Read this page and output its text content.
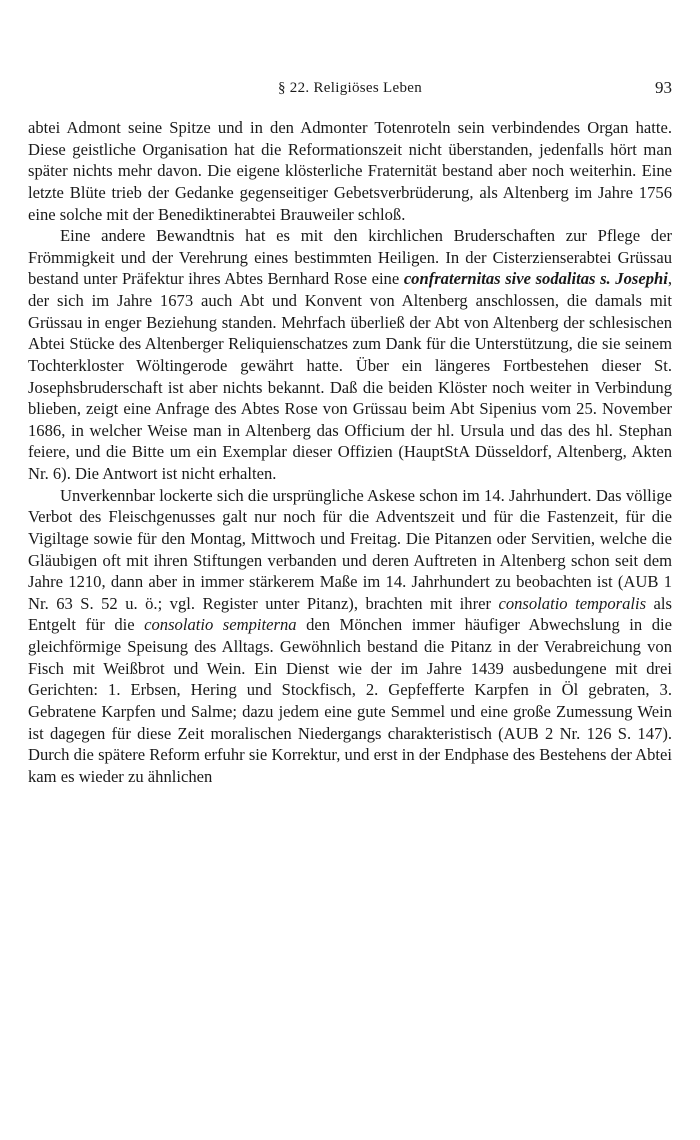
§ 22. Religiöses Leben	93

abtei Admont seine Spitze und in den Admonter Totenroteln sein verbindendes Organ hatte. Diese geistliche Organisation hat die Reformationszeit nicht überstanden, jedenfalls hört man später nichts mehr davon. Die eigene klösterliche Fraternität bestand aber noch weiterhin. Eine letzte Blüte trieb der Gedanke gegenseitiger Gebetsverbrüderung, als Altenberg im Jahre 1756 eine solche mit der Benediktinerabtei Brauweiler schloß.

Eine andere Bewandtnis hat es mit den kirchlichen Bruderschaften zur Pflege der Frömmigkeit und der Verehrung eines bestimmten Heiligen. In der Cisterzienserabtei Grüssau bestand unter Präfektur ihres Abtes Bernhard Rose eine confraternitas sive sodalitas s. Josephi, der sich im Jahre 1673 auch Abt und Konvent von Altenberg anschlossen, die damals mit Grüssau in enger Beziehung standen. Mehrfach überließ der Abt von Altenberg der schlesischen Abtei Stücke des Altenberger Reliquienschatzes zum Dank für die Unterstützung, die sie seinem Tochterkloster Wöltingerode gewährt hatte. Über ein längeres Fortbestehen dieser St. Josephsbruderschaft ist aber nichts bekannt. Daß die beiden Klöster noch weiter in Verbindung blieben, zeigt eine Anfrage des Abtes Rose von Grüssau beim Abt Sipenius vom 25. November 1686, in welcher Weise man in Altenberg das Officium der hl. Ursula und das des hl. Stephan feiere, und die Bitte um ein Exemplar dieser Offizien (HauptStA Düsseldorf, Altenberg, Akten Nr. 6). Die Antwort ist nicht erhalten.

Unverkennbar lockerte sich die ursprüngliche Askese schon im 14. Jahrhundert. Das völlige Verbot des Fleischgenusses galt nur noch für die Adventszeit und für die Fastenzeit, für die Vigiltage sowie für den Montag, Mittwoch und Freitag. Die Pitanzen oder Servitien, welche die Gläubigen oft mit ihren Stiftungen verbanden und deren Auftreten in Altenberg schon seit dem Jahre 1210, dann aber in immer stärkerem Maße im 14. Jahrhundert zu beobachten ist (AUB 1 Nr. 63 S. 52 u. ö.; vgl. Register unter Pitanz), brachten mit ihrer consolatio temporalis als Entgelt für die consolatio sempiterna den Mönchen immer häufiger Abwechslung in die gleichförmige Speisung des Alltags. Gewöhnlich bestand die Pitanz in der Verabreichung von Fisch mit Weißbrot und Wein. Ein Dienst wie der im Jahre 1439 ausbedungene mit drei Gerichten: 1. Erbsen, Hering und Stockfisch, 2. Gepfefferte Karpfen in Öl gebraten, 3. Gebratene Karpfen und Salme; dazu jedem eine gute Semmel und eine große Zumessung Wein ist dagegen für diese Zeit moralischen Niedergangs charakteristisch (AUB 2 Nr. 126 S. 147). Durch die spätere Reform erfuhr sie Korrektur, und erst in der Endphase des Bestehens der Abtei kam es wieder zu ähnlichen
